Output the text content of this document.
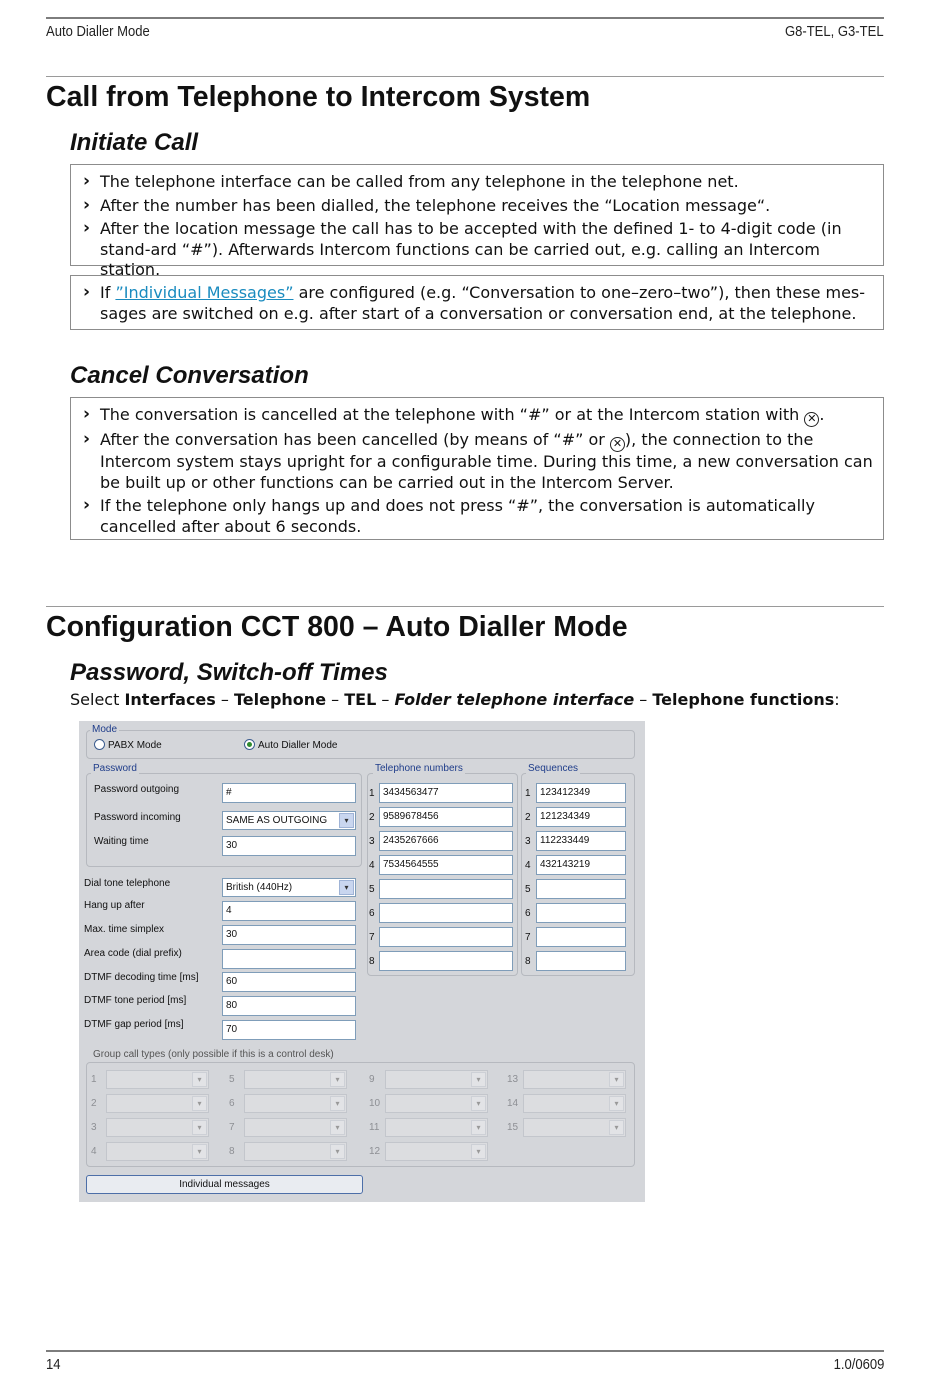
Auto Dialler Mode	G8-TEL, G3-TEL
Call from Telephone to Intercom System
Initiate Call
› The telephone interface can be called from any telephone in the telephone net.
› After the number has been dialled, the telephone receives the “Location message“.
› After the location message the call has to be accepted with the defined 1- to 4-digit code (in stand-ard “#”). Afterwards Intercom functions can be carried out, e.g. calling an Intercom station.
› If ”Individual Messages” are configured (e.g. “Conversation to one–zero–two”), then these mes-sages are switched on e.g. after start of a conversation or conversation end, at the telephone.
Cancel Conversation
› The conversation is cancelled at the telephone with “#” or at the Intercom station with ✕ .
› After the conversation has been cancelled (by means of “#” or ✕ ), the connection to the Intercom system stays upright for a configurable time. During this time, a new conversation can be built up or other functions can be carried out in the Intercom Server.
› If the telephone only hangs up and does not press “#”, the conversation is automatically cancelled after about 6 seconds.
Configuration CCT 800 – Auto Dialler Mode
Password, Switch-off Times
Select Interfaces – Telephone – TEL – Folder telephone interface – Telephone functions:
Mode
PABX Mode	Auto Dialler Mode
Password
Password outgoing	#
Password incoming	SAME AS OUTGOING	▾
Waiting time	30
Dial tone telephone	British (440Hz)	▾
Hang up after	4
Max. time simplex	30
Area code (dial prefix)
DTMF decoding time [ms]	60
DTMF tone period [ms]	80
DTMF gap period [ms]	70
Telephone numbers
1 3434563477
2 9589678456
3 2435267666
4 7534564555
5
6
7
8
Sequences
1 123412349
2 121234349
3 112233449
4 432143219
5
6
7
8
Group call types (only possible if this is a control desk)
1	▾
2	▾
3	▾
4	▾
5	▾
6	▾
7	▾
8	▾
9	▾
10	▾
11	▾
12	▾
13	▾
14	▾
15	▾
Individual messages
14	1.0/0609
